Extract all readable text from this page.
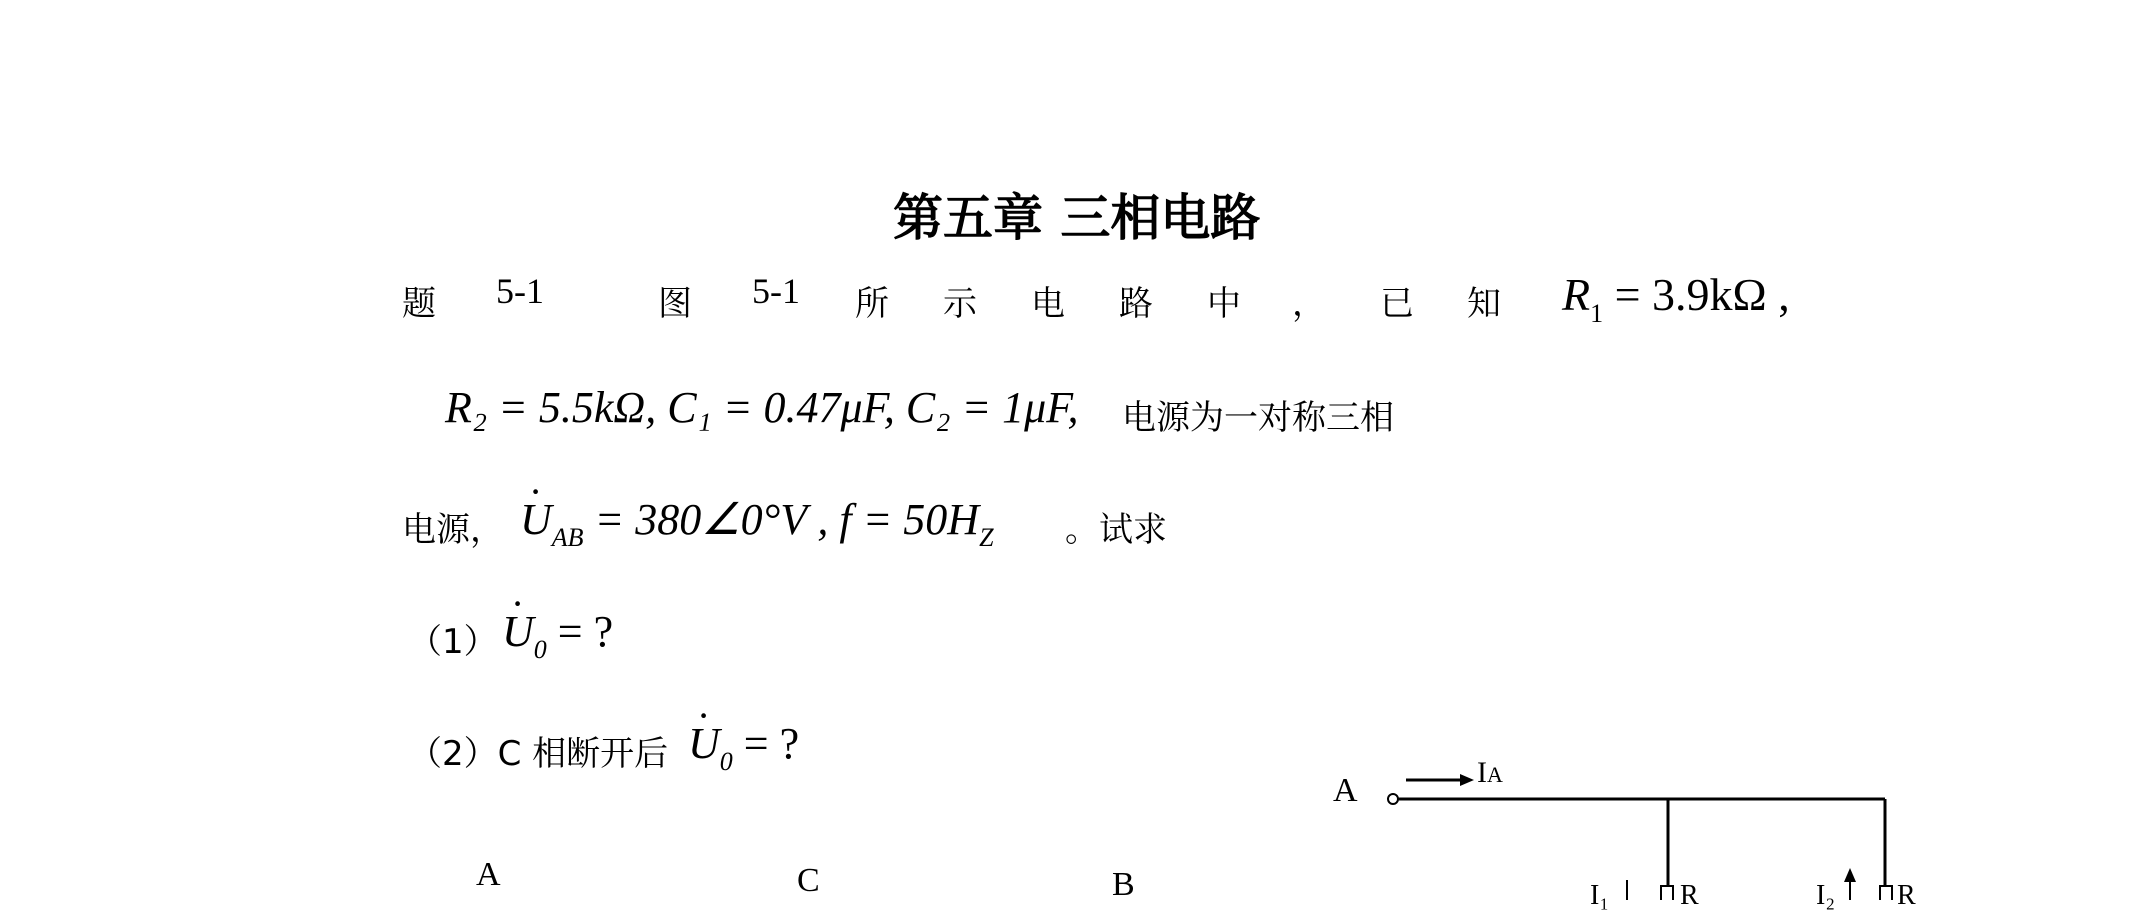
第五章 三相电路
题 5-1	图 5-1 所 示 电 路 中 ， 已 知 $R_1 = 3.9k\Omega$ ,
R₂ = 5.5kΩ, C₁ = 0.47μF, C₂ = 1μF, 电源为一对称三相
电源，
· $U_{AB}$ = 380∠0°V , $f = 50H_Z$ 。试求
（1）
· $U_0$ = ?
（2）C 相断开后
· $U_0$ = ?
A	C	B
A	IA
I₁	R	I₂ R
